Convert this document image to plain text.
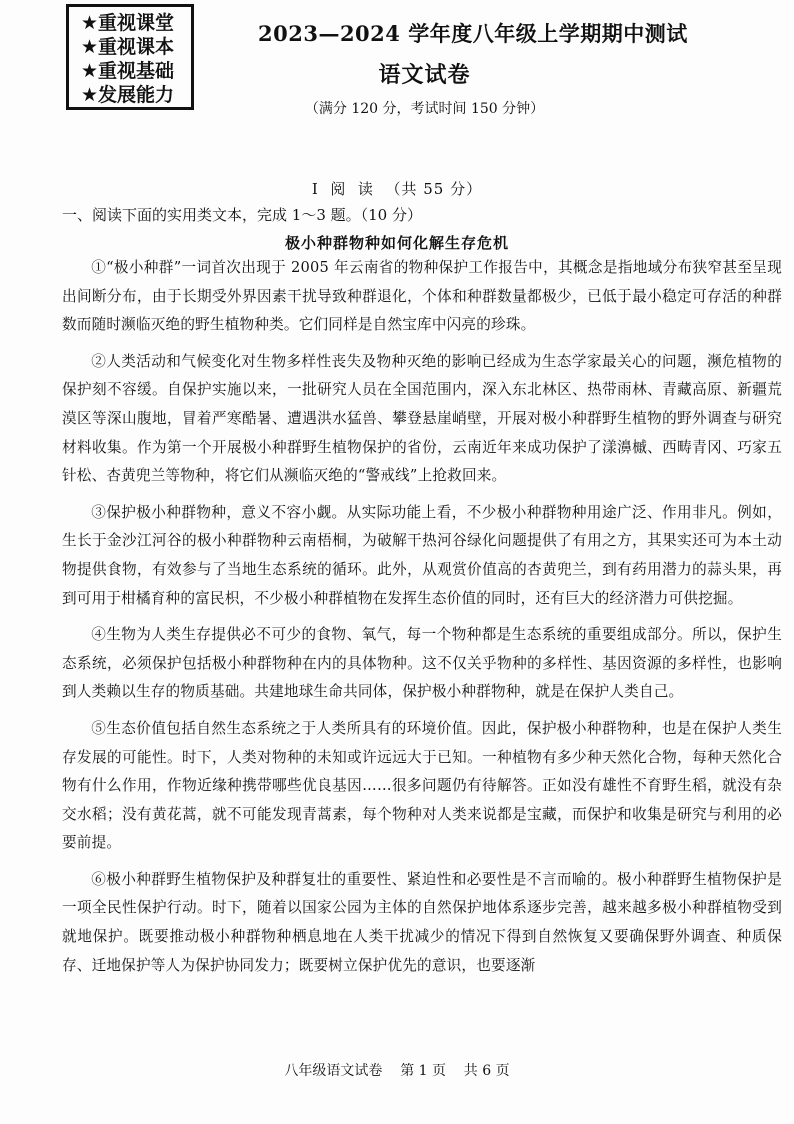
★重视课堂
★重视课本
★重视基础
★发展能力
2023—2024 学年度八年级上学期期中测试
语文试卷
（满分 120 分，考试时间 150 分钟）
Ⅰ  阅  读  （共 55 分）
一、阅读下面的实用类文本，完成 1～3 题。（10 分）
极小种群物种如何化解生存危机

①“极小种群”一词首次出现于 2005 年云南省的物种保护工作报告中，其概念是指地域分布狭窄甚至呈现出间断分布，由于长期受外界因素干扰导致种群退化，个体和种群数量都极少，已低于最小稳定可存活的种群数而随时濒临灭绝的野生植物种类。它们同样是自然宝库中闪亮的珍珠。

②人类活动和气候变化对生物多样性丧失及物种灭绝的影响已经成为生态学家最关心的问题，濒危植物的保护刻不容缓。自保护实施以来，一批研究人员在全国范围内，深入东北林区、热带雨林、青藏高原、新疆荒漠区等深山腹地，冒着严寒酷暑、遭遇洪水猛兽、攀登悬崖峭壁，开展对极小种群野生植物的野外调查与研究材料收集。作为第一个开展极小种群野生植物保护的省份，云南近年来成功保护了漾濞槭、西畴青冈、巧家五针松、杏黄兜兰等物种，将它们从濒临灭绝的“警戒线”上抢救回来。

③保护极小种群物种，意义不容小觑。从实际功能上看，不少极小种群物种用途广泛、作用非凡。例如，生长于金沙江河谷的极小种群物种云南梧桐，为破解干热河谷绿化问题提供了有用之方，其果实还可为本土动物提供食物，有效参与了当地生态系统的循环。此外，从观赏价值高的杏黄兜兰，到有药用潜力的蒜头果，再到可用于柑橘育种的富民枳，不少极小种群植物在发挥生态价值的同时，还有巨大的经济潜力可供挖掘。

④生物为人类生存提供必不可少的食物、氧气，每一个物种都是生态系统的重要组成部分。所以，保护生态系统，必须保护包括极小种群物种在内的具体物种。这不仅关乎物种的多样性、基因资源的多样性，也影响到人类赖以生存的物质基础。共建地球生命共同体，保护极小种群物种，就是在保护人类自己。

⑤生态价值包括自然生态系统之于人类所具有的环境价值。因此，保护极小种群物种，也是在保护人类生存发展的可能性。时下，人类对物种的未知或许远远大于已知。一种植物有多少种天然化合物，每种天然化合物有什么作用，作物近缘种携带哪些优良基因……很多问题仍有待解答。正如没有雄性不育野生稻，就没有杂交水稻；没有黄花蒿，就不可能发现青蒿素，每个物种对人类来说都是宝藏，而保护和收集是研究与利用的必要前提。

⑥极小种群野生植物保护及种群复壮的重要性、紧迫性和必要性是不言而喻的。极小种群野生植物保护是一项全民性保护行动。时下，随着以国家公园为主体的自然保护地体系逐步完善，越来越多极小种群植物受到就地保护。既要推动极小种群物种栖息地在人类干扰减少的情况下得到自然恢复又要确保野外调查、种质保存、迁地保护等人为保护协同发力；既要树立保护优先的意识，也要逐渐

八年级语文试卷    第 1 页    共 6 页
